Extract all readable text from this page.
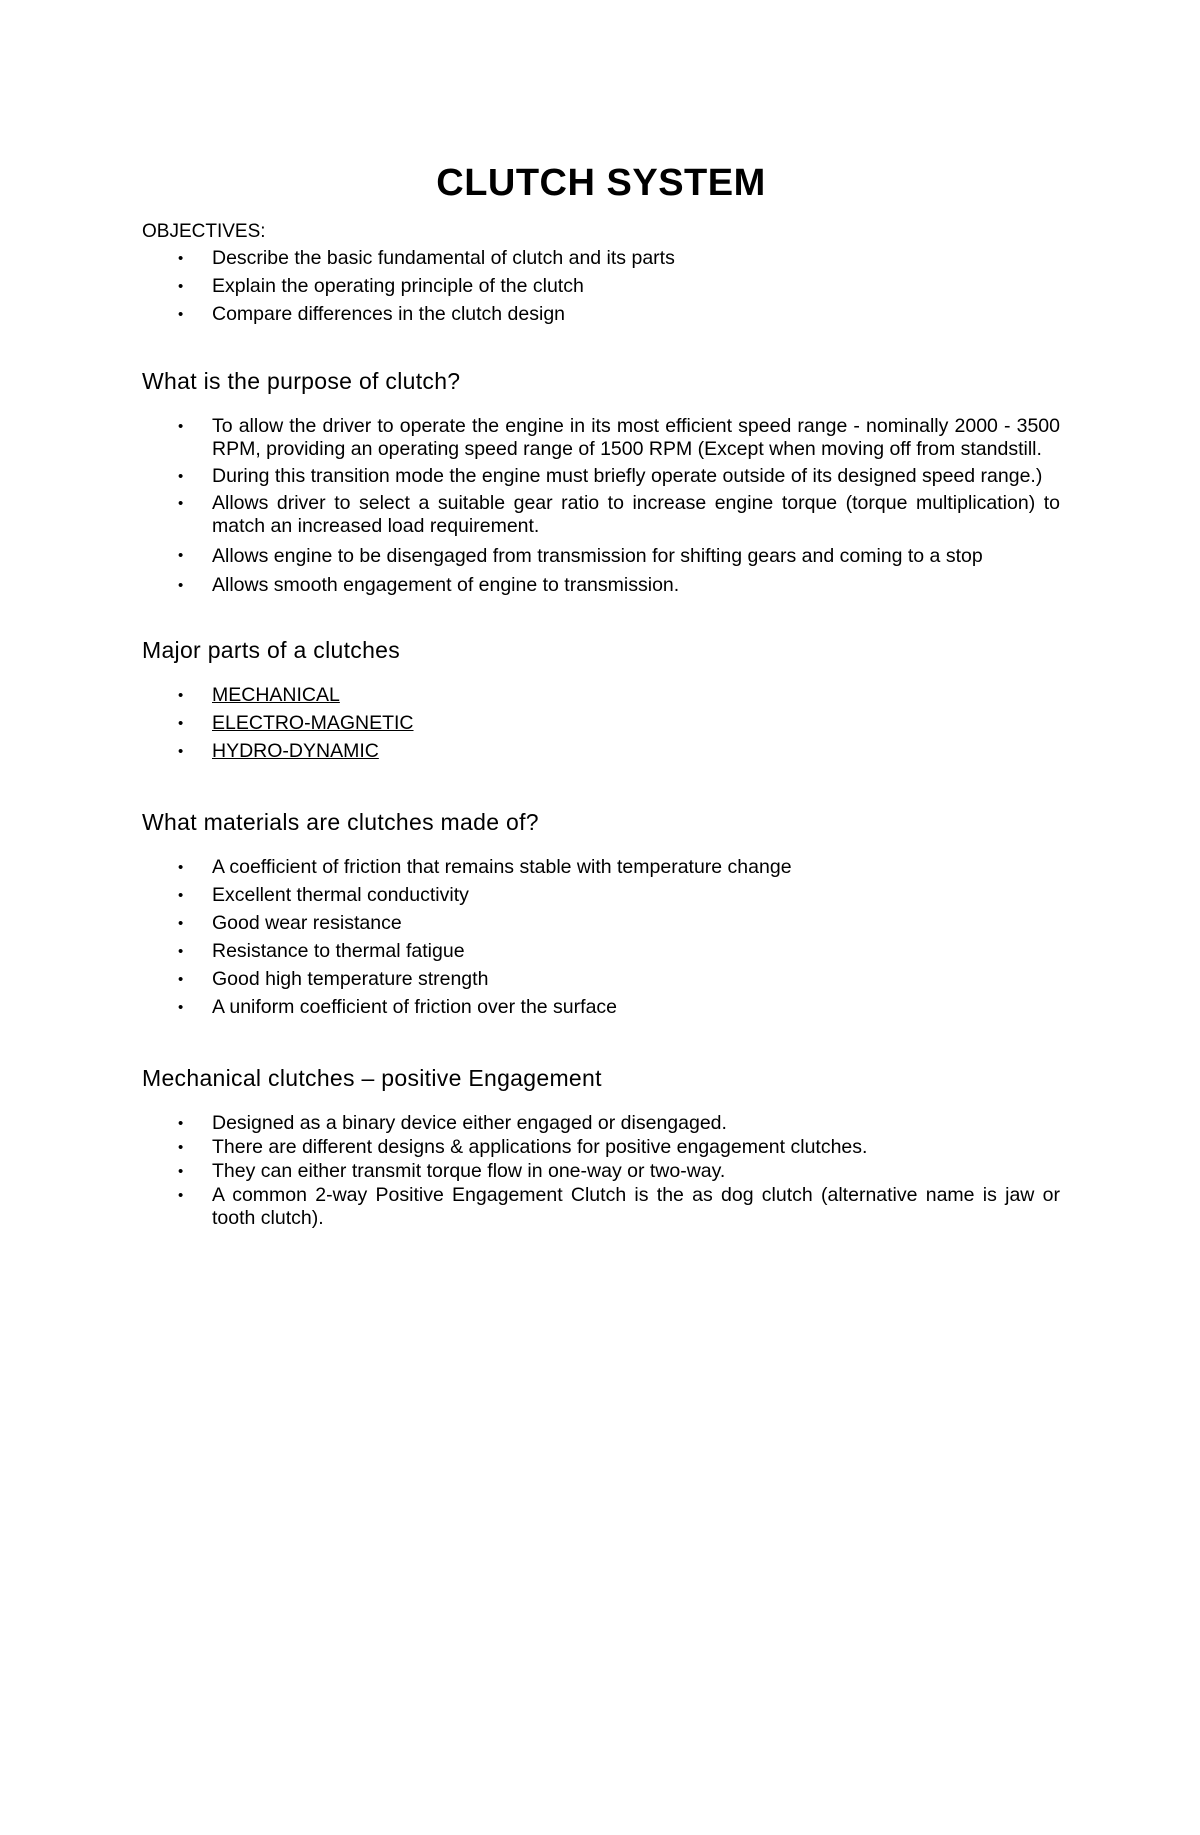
CLUTCH SYSTEM
OBJECTIVES:
• Describe the basic fundamental of clutch and its parts
• Explain the operating principle of the clutch
• Compare differences in the clutch design
What is the purpose of clutch?
• To allow the driver to operate the engine in its most efficient speed range - nominally 2000 - 3500 RPM, providing an operating speed range of 1500 RPM (Except when moving off from standstill.
• During this transition mode the engine must briefly operate outside of its designed speed range.)
• Allows driver to select a suitable gear ratio to increase engine torque (torque multiplication) to match an increased load requirement.
• Allows engine to be disengaged from transmission for shifting gears and coming to a stop
• Allows smooth engagement of engine to transmission.
Major parts of a clutches
• MECHANICAL
• ELECTRO-MAGNETIC
• HYDRO-DYNAMIC
What materials are clutches made of?
• A coefficient of friction that remains stable with temperature change
• Excellent thermal conductivity
• Good wear resistance
• Resistance to thermal fatigue
• Good high temperature strength
• A uniform coefficient of friction over the surface
Mechanical clutches – positive Engagement
• Designed as a binary device either engaged or disengaged.
• There are different designs & applications for positive engagement clutches.
• They can either transmit torque flow in one-way or two-way.
• A common 2-way Positive Engagement Clutch is the as dog clutch (alternative name is jaw or tooth clutch).
